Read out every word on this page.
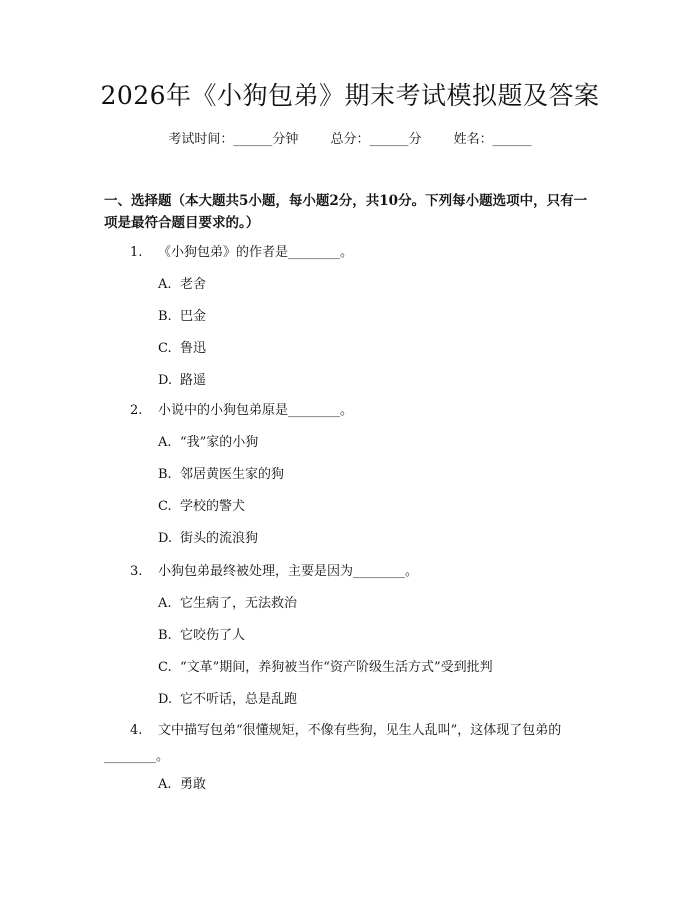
2026年《小狗包弟》期末考试模拟题及答案
考试时间：______分钟 总分：______分 姓名：______
一、选择题（本大题共5小题，每小题2分，共10分。下列每小题选项中，只有一项是最符合题目要求的。）
1. 《小狗包弟》的作者是________。
A. 老舍
B. 巴金
C. 鲁迅
D. 路遥
2. 小说中的小狗包弟原是________。
A. “我”家的小狗
B. 邻居黄医生家的狗
C. 学校的警犬
D. 街头的流浪狗
3. 小狗包弟最终被处理，主要是因为________。
A. 它生病了，无法救治
B. 它咬伤了人
C. “文革”期间，养狗被当作“资产阶级生活方式”受到批判
D. 它不听话，总是乱跑
4. 文中描写包弟“很懂规矩，不像有些狗，见生人乱叫”，这体现了包弟的________。
A. 勇敢
